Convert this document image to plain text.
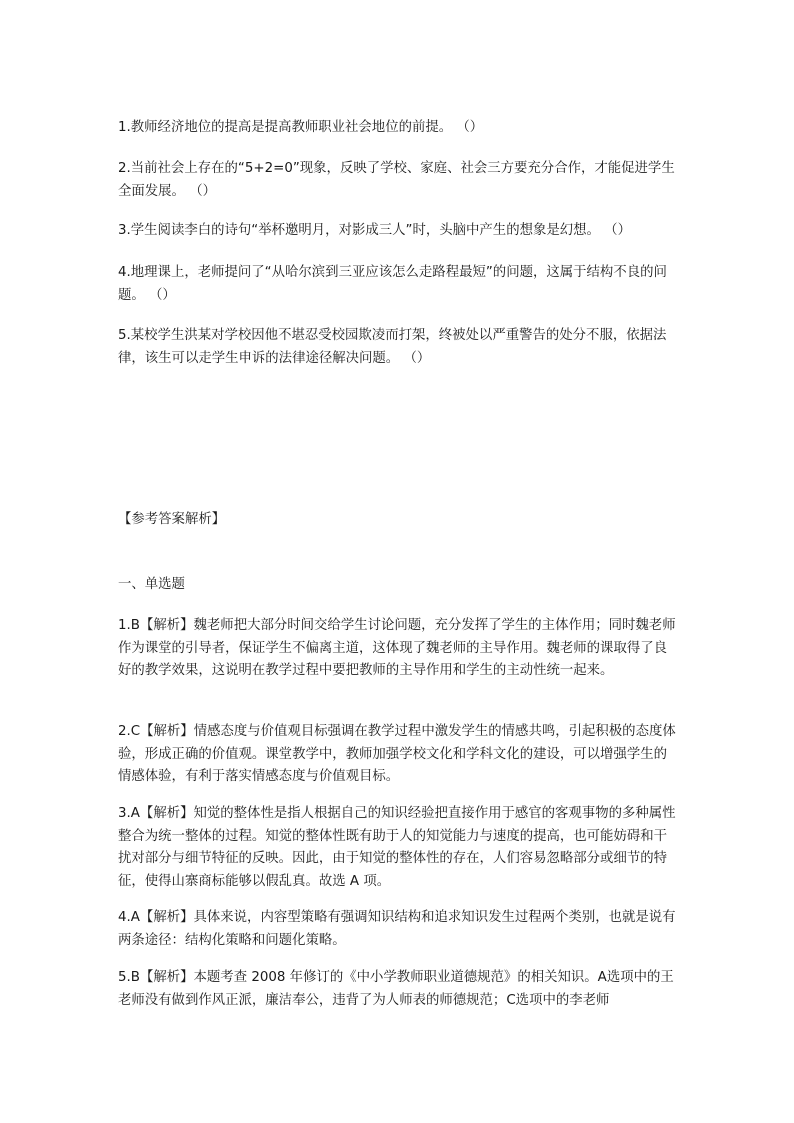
1.教师经济地位的提高是提高教师职业社会地位的前提。 （）

2.当前社会上存在的“5+2=0”现象，反映了学校、家庭、社会三方要充分合作，才能促进学生全面发展。 （）

3.学生阅读李白的诗句“举杯邀明月，对影成三人”时，头脑中产生的想象是幻想。 （）

4.地理课上，老师提问了“从哈尔滨到三亚应该怎么走路程最短”的问题，这属于结构不良的问题。 （）

5.某校学生洪某对学校因他不堪忍受校园欺凌而打架，终被处以严重警告的处分不服，依据法律，该生可以走学生申诉的法律途径解决问题。 （）

【参考答案解析】

一、单选题

1.B【解析】魏老师把大部分时间交给学生讨论问题，充分发挥了学生的主体作用；同时魏老师作为课堂的引导者，保证学生不偏离主道，这体现了魏老师的主导作用。魏老师的课取得了良好的教学效果，这说明在教学过程中要把教师的主导作用和学生的主动性统一起来。

2.C【解析】情感态度与价值观目标强调在教学过程中激发学生的情感共鸣，引起积极的态度体验，形成正确的价值观。课堂教学中，教师加强学校文化和学科文化的建设，可以增强学生的情感体验，有利于落实情感态度与价值观目标。

3.A【解析】知觉的整体性是指人根据自己的知识经验把直接作用于感官的客观事物的多种属性整合为统一整体的过程。知觉的整体性既有助于人的知觉能力与速度的提高，也可能妨碍和干扰对部分与细节特征的反映。因此，由于知觉的整体性的存在，人们容易忽略部分或细节的特征，使得山寨商标能够以假乱真。故选 A 项。

4.A【解析】具体来说，内容型策略有强调知识结构和追求知识发生过程两个类别，也就是说有两条途径：结构化策略和问题化策略。

5.B【解析】本题考查 2008 年修订的《中小学教师职业道德规范》的相关知识。A选项中的王老师没有做到作风正派，廉洁奉公，违背了为人师表的师德规范；C选项中的李老师
